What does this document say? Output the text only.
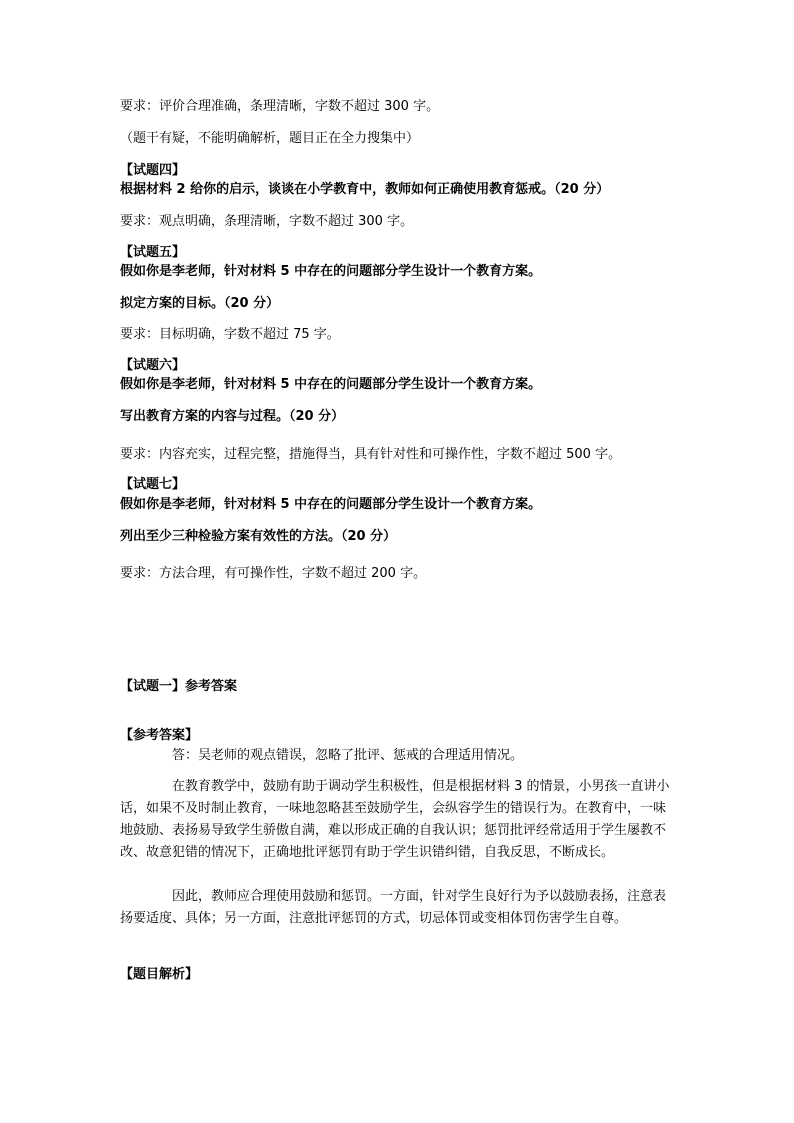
要求：评价合理准确，条理清晰，字数不超过 300 字。
（题干有疑，不能明确解析，题目正在全力搜集中）
【试题四】
根据材料 2 给你的启示，谈谈在小学教育中，教师如何正确使用教育惩戒。（20 分）
要求：观点明确，条理清晰，字数不超过 300 字。
【试题五】
假如你是李老师，针对材料 5 中存在的问题部分学生设计一个教育方案。
拟定方案的目标。（20 分）
要求：目标明确，字数不超过 75 字。
【试题六】
假如你是李老师，针对材料 5 中存在的问题部分学生设计一个教育方案。
写出教育方案的内容与过程。（20 分）
要求：内容充实，过程完整，措施得当，具有针对性和可操作性，字数不超过 500 字。
【试题七】
假如你是李老师，针对材料 5 中存在的问题部分学生设计一个教育方案。
列出至少三种检验方案有效性的方法。（20 分）
要求：方法合理，有可操作性，字数不超过 200 字。
【试题一】参考答案
【参考答案】
答：吴老师的观点错误，忽略了批评、惩戒的合理适用情况。
在教育教学中，鼓励有助于调动学生积极性，但是根据材料 3 的情景，小男孩一直讲小话，如果不及时制止教育，一味地忽略甚至鼓励学生，会纵容学生的错误行为。在教育中，一味地鼓励、表扬易导致学生骄傲自满，难以形成正确的自我认识；惩罚批评经常适用于学生屡教不改、故意犯错的情况下，正确地批评惩罚有助于学生识错纠错，自我反思，不断成长。
因此，教师应合理使用鼓励和惩罚。一方面，针对学生良好行为予以鼓励表扬，注意表扬要适度、具体；另一方面，注意批评惩罚的方式，切忌体罚或变相体罚伤害学生自尊。
【题目解析】
